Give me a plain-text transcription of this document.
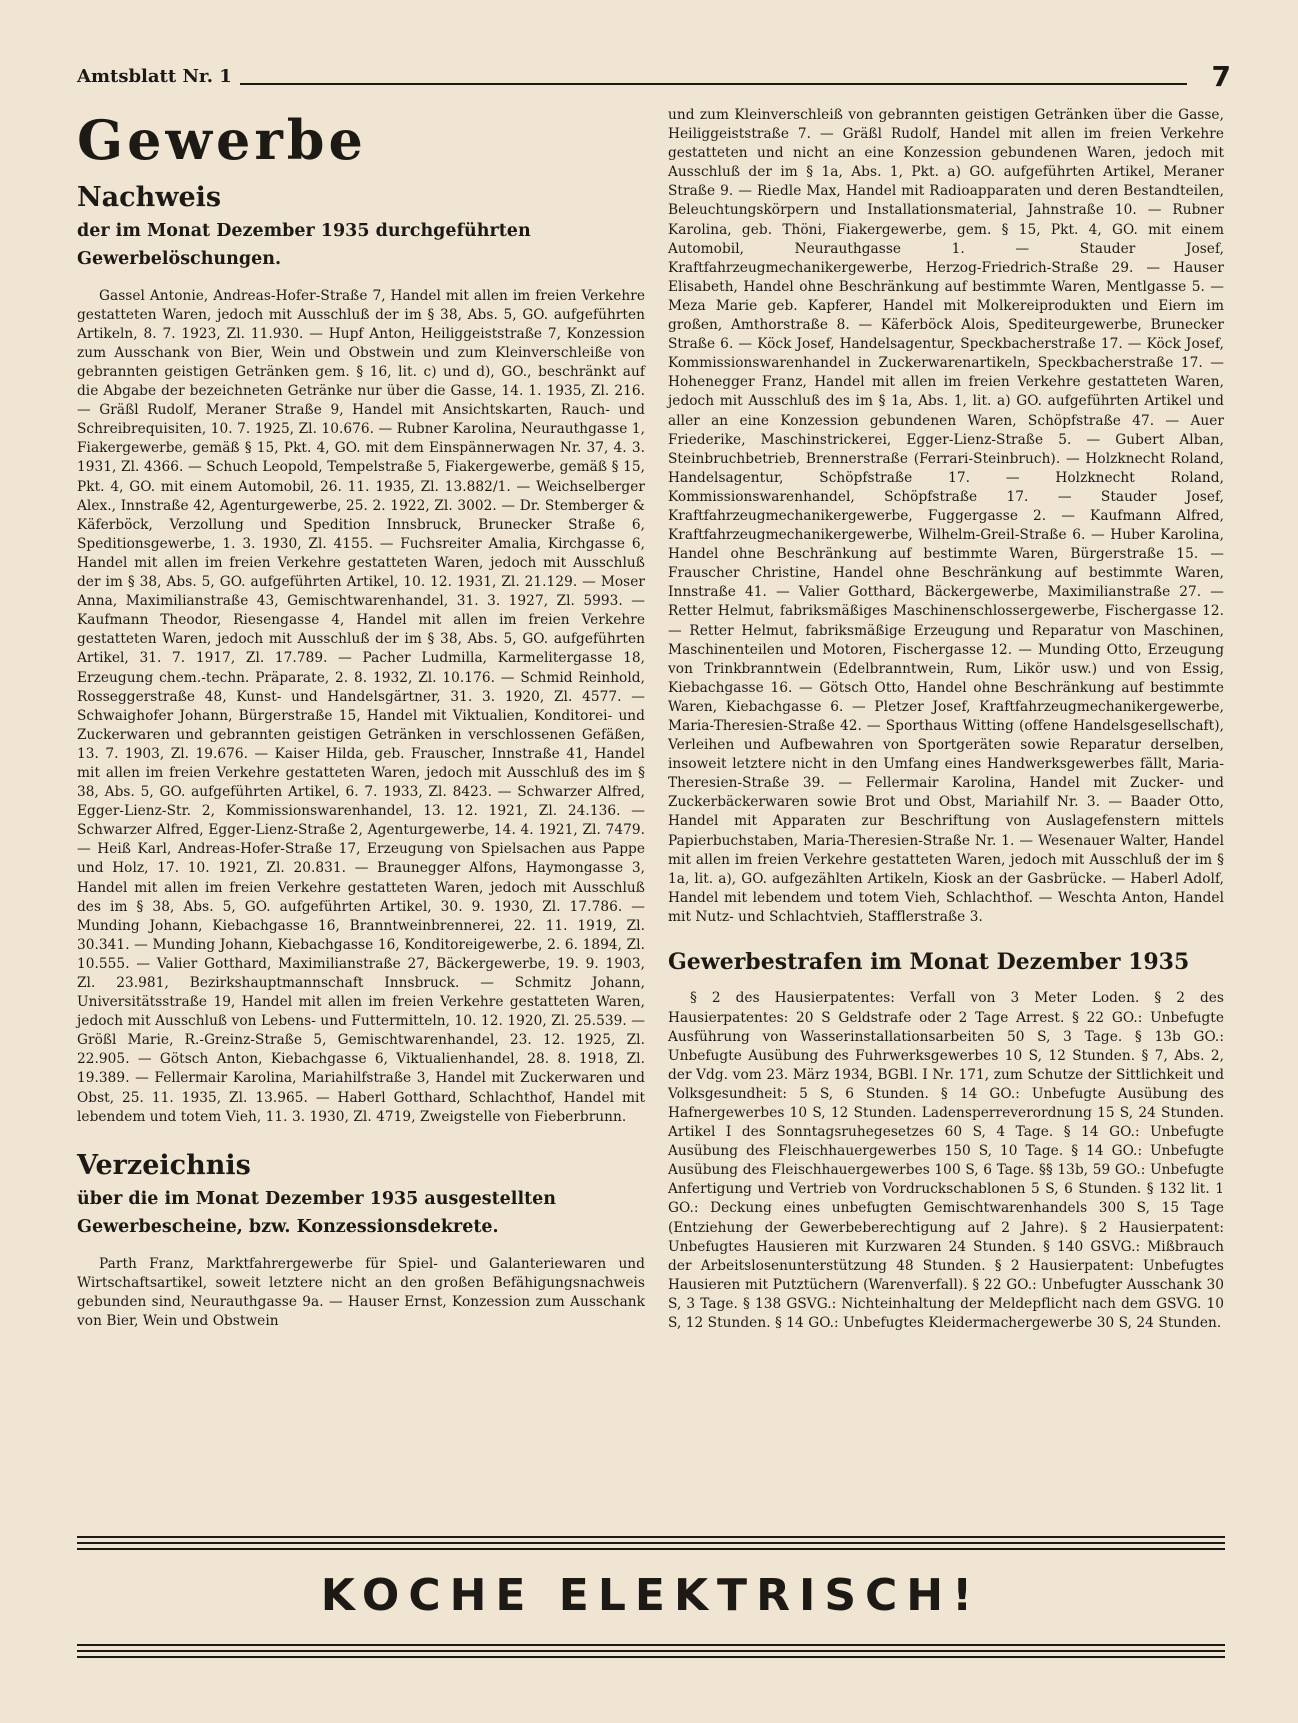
Amtsblatt Nr. 1	7
Gewerbe
Nachweis
der im Monat Dezember 1935 durchgeführten Gewerbelöschungen.

Gassel Antonie, Andreas-Hofer-Straße 7, Handel mit allen im freien Verkehre gestatteten Waren, jedoch mit Ausschluß der im § 38, Abs. 5, GO. aufgeführten Artikeln, 8. 7. 1923, Zl. 11.930. — Hupf Anton, Heiliggeiststraße 7, Konzession zum Ausschank von Bier, Wein und Obstwein und zum Kleinverschleiße von gebrannten geistigen Getränken gem. § 16, lit. c) und d), GO., beschränkt auf die Abgabe der bezeichneten Getränke nur über die Gasse, 14. 1. 1935, Zl. 216. — Gräßl Rudolf, Meraner Straße 9, Handel mit Ansichtskarten, Rauch- und Schreibrequisiten, 10. 7. 1925, Zl. 10.676. — Rubner Karolina, Neurauthgasse 1, Fiakergewerbe, gemäß § 15, Pkt. 4, GO. mit dem Einspännerwagen Nr. 37, 4. 3. 1931, Zl. 4366. — Schuch Leopold, Tempelstraße 5, Fiakergewerbe, gemäß § 15, Pkt. 4, GO. mit einem Automobil, 26. 11. 1935, Zl. 13.882/1. — Weichselberger Alex., Innstraße 42, Agenturgewerbe, 25. 2. 1922, Zl. 3002. — Dr. Stemberger & Käferböck, Verzollung und Spedition Innsbruck, Brunecker Straße 6, Speditionsgewerbe, 1. 3. 1930, Zl. 4155. — Fuchsreiter Amalia, Kirchgasse 6, Handel mit allen im freien Verkehre gestatteten Waren, jedoch mit Ausschluß der im § 38, Abs. 5, GO. aufgeführten Artikel, 10. 12. 1931, Zl. 21.129. — Moser Anna, Maximilianstraße 43, Gemischtwarenhandel, 31. 3. 1927, Zl. 5993. — Kaufmann Theodor, Riesengasse 4, Handel mit allen im freien Verkehre gestatteten Waren, jedoch mit Ausschluß der im § 38, Abs. 5, GO. aufgeführten Artikel, 31. 7. 1917, Zl. 17.789. — Pacher Ludmilla, Karmelitergasse 18, Erzeugung chem.-techn. Präparate, 2. 8. 1932, Zl. 10.176. — Schmid Reinhold, Rosseggerstraße 48, Kunst- und Handelsgärtner, 31. 3. 1920, Zl. 4577. — Schwaighofer Johann, Bürgerstraße 15, Handel mit Viktualien, Konditorei- und Zuckerwaren und gebrannten geistigen Getränken in verschlossenen Gefäßen, 13. 7. 1903, Zl. 19.676. — Kaiser Hilda, geb. Frauscher, Innstraße 41, Handel mit allen im freien Verkehre gestatteten Waren, jedoch mit Ausschluß des im § 38, Abs. 5, GO. aufgeführten Artikel, 6. 7. 1933, Zl. 8423. — Schwarzer Alfred, Egger-Lienz-Str. 2, Kommissionswarenhandel, 13. 12. 1921, Zl. 24.136. — Schwarzer Alfred, Egger-Lienz-Straße 2, Agenturgewerbe, 14. 4. 1921, Zl. 7479. — Heiß Karl, Andreas-Hofer-Straße 17, Erzeugung von Spielsachen aus Pappe und Holz, 17. 10. 1921, Zl. 20.831. — Braunegger Alfons, Haymongasse 3, Handel mit allen im freien Verkehre gestatteten Waren, jedoch mit Ausschluß des im § 38, Abs. 5, GO. aufgeführten Artikel, 30. 9. 1930, Zl. 17.786. — Munding Johann, Kiebachgasse 16, Branntweinbrennerei, 22. 11. 1919, Zl. 30.341. — Munding Johann, Kiebachgasse 16, Konditoreigewerbe, 2. 6. 1894, Zl. 10.555. — Valier Gotthard, Maximilianstraße 27, Bäckergewerbe, 19. 9. 1903, Zl. 23.981, Bezirkshauptmannschaft Innsbruck. — Schmitz Johann, Universitätsstraße 19, Handel mit allen im freien Verkehre gestatteten Waren, jedoch mit Ausschluß von Lebens- und Futtermitteln, 10. 12. 1920, Zl. 25.539. — Größl Marie, R.-Greinz-Straße 5, Gemischtwarenhandel, 23. 12. 1925, Zl. 22.905. — Götsch Anton, Kiebachgasse 6, Viktualienhandel, 28. 8. 1918, Zl. 19.389. — Fellermair Karolina, Mariahilfstraße 3, Handel mit Zuckerwaren und Obst, 25. 11. 1935, Zl. 13.965. — Haberl Gotthard, Schlachthof, Handel mit lebendem und totem Vieh, 11. 3. 1930, Zl. 4719, Zweigstelle von Fieberbrunn.

Verzeichnis
über die im Monat Dezember 1935 ausgestellten Gewerbescheine, bzw. Konzessionsdekrete.

Parth Franz, Marktfahrergewerbe für Spiel- und Galanteriewaren und Wirtschaftsartikel, soweit letztere nicht an den großen Befähigungsnachweis gebunden sind, Neurauthgasse 9a. — Hauser Ernst, Konzession zum Ausschank von Bier, Wein und Obstwein

und zum Kleinverschleiß von gebrannten geistigen Getränken über die Gasse, Heiliggeiststraße 7. — Gräßl Rudolf, Handel mit allen im freien Verkehre gestatteten und nicht an eine Konzession gebundenen Waren, jedoch mit Ausschluß der im § 1a, Abs. 1, Pkt. a) GO. aufgeführten Artikel, Meraner Straße 9. — Riedle Max, Handel mit Radioapparaten und deren Bestandteilen, Beleuchtungskörpern und Installationsmaterial, Jahnstraße 10. — Rubner Karolina, geb. Thöni, Fiakergewerbe, gem. § 15, Pkt. 4, GO. mit einem Automobil, Neurauthgasse 1. — Stauder Josef, Kraftfahrzeugmechanikergewerbe, Herzog-Friedrich-Straße 29. — Hauser Elisabeth, Handel ohne Beschränkung auf bestimmte Waren, Mentlgasse 5. — Meza Marie geb. Kapferer, Handel mit Molkereiprodukten und Eiern im großen, Amthorstraße 8. — Käferböck Alois, Speditеurgewerbe, Brunecker Straße 6. — Köck Josef, Handelsagentur, Speckbacherstraße 17. — Köck Josef, Kommissionswarenhandel in Zuckerwarenartikeln, Speckbacherstraße 17. — Hohenegger Franz, Handel mit allen im freien Verkehre gestatteten Waren, jedoch mit Ausschluß des im § 1a, Abs. 1, lit. a) GO. aufgeführten Artikel und aller an eine Konzession gebundenen Waren, Schöpfstraße 47. — Auer Friederike, Maschinstrickerei, Egger-Lienz-Straße 5. — Gubert Alban, Steinbruchbetrieb, Brennerstraße (Ferrari-Steinbruch). — Holzknecht Roland, Handelsagentur, Schöpfstraße 17. — Holzknecht Roland, Kommissionswarenhandel, Schöpfstraße 17. — Stauder Josef, Kraftfahrzeugmechanikergewerbe, Fuggergasse 2. — Kaufmann Alfred, Kraftfahrzeugmechanikergewerbe, Wilhelm-Greil-Straße 6. — Huber Karolina, Handel ohne Beschränkung auf bestimmte Waren, Bürgerstraße 15. — Frauscher Christine, Handel ohne Beschränkung auf bestimmte Waren, Innstraße 41. — Valier Gotthard, Bäckergewerbe, Maximilianstraße 27. — Retter Helmut, fabriksmäßiges Maschinenschlossergewerbe, Fischergasse 12. — Retter Helmut, fabriksmäßige Erzeugung und Reparatur von Maschinen, Maschinenteilen und Motoren, Fischergasse 12. — Munding Otto, Erzeugung von Trinkbranntwein (Edelbranntwein, Rum, Likör usw.) und von Essig, Kiebachgasse 16. — Götsch Otto, Handel ohne Beschränkung auf bestimmte Waren, Kiebachgasse 6. — Pletzer Josef, Kraftfahrzeugmechanikergewerbe, Maria-Theresien-Straße 42. — Sporthaus Witting (offene Handelsgesellschaft), Verleihen und Aufbewahren von Sportgeräten sowie Reparatur derselben, insoweit letztere nicht in den Umfang eines Handwerksgewerbes fällt, Maria-Theresien-Straße 39. — Fellermair Karolina, Handel mit Zucker- und Zuckerbäckerwaren sowie Brot und Obst, Mariahilf Nr. 3. — Baader Otto, Handel mit Apparaten zur Beschriftung von Auslagefenstern mittels Papierbuchstaben, Maria-Theresien-Straße Nr. 1. — Wesenauer Walter, Handel mit allen im freien Verkehre gestatteten Waren, jedoch mit Ausschluß der im § 1a, lit. a), GO. aufgezählten Artikeln, Kiosk an der Gasbrücke. — Haberl Adolf, Handel mit lebendem und totem Vieh, Schlachthof. — Weschta Anton, Handel mit Nutz- und Schlachtvieh, Stafflerstraße 3.

Gewerbestrafen im Monat Dezember 1935

§ 2 des Hausierpatentes: Verfall von 3 Meter Loden. § 2 des Hausierpatentes: 20 S Geldstrafe oder 2 Tage Arrest. § 22 GO.: Unbefugte Ausführung von Wasserinstallationsarbeiten 50 S, 3 Tage. § 13b GO.: Unbefugte Ausübung des Fuhrwerksgewerbes 10 S, 12 Stunden. § 7, Abs. 2, der Vdg. vom 23. März 1934, BGBl. I Nr. 171, zum Schutze der Sittlichkeit und Volksgesundheit: 5 S, 6 Stunden. § 14 GO.: Unbefugte Ausübung des Hafnergewerbes 10 S, 12 Stunden. Ladensperreverordnung 15 S, 24 Stunden. Artikel I des Sonntagsruhegesetzes 60 S, 4 Tage. § 14 GO.: Unbefugte Ausübung des Fleischhauergewerbes 150 S, 10 Tage. § 14 GO.: Unbefugte Ausübung des Fleischhauergewerbes 100 S, 6 Tage. §§ 13b, 59 GO.: Unbefugte Anfertigung und Vertrieb von Vordruckschablonen 5 S, 6 Stunden. § 132 lit. 1 GO.: Deckung eines unbefugten Gemischtwarenhandels 300 S, 15 Tage (Entziehung der Gewerbeberechtigung auf 2 Jahre). § 2 Hausierpatent: Unbefugtes Hausieren mit Kurzwaren 24 Stunden. § 140 GSVG.: Mißbrauch der Arbeitslosenunterstützung 48 Stunden. § 2 Hausierpatent: Unbefugtes Hausieren mit Putztüchern (Warenverfall). § 22 GO.: Unbefugter Ausschank 30 S, 3 Tage. § 138 GSVG.: Nichteinhaltung der Meldepflicht nach dem GSVG. 10 S, 12 Stunden. § 14 GO.: Unbefugtes Kleidermachergewerbe 30 S, 24 Stunden.

KOCHE ELEKTRISCH!
